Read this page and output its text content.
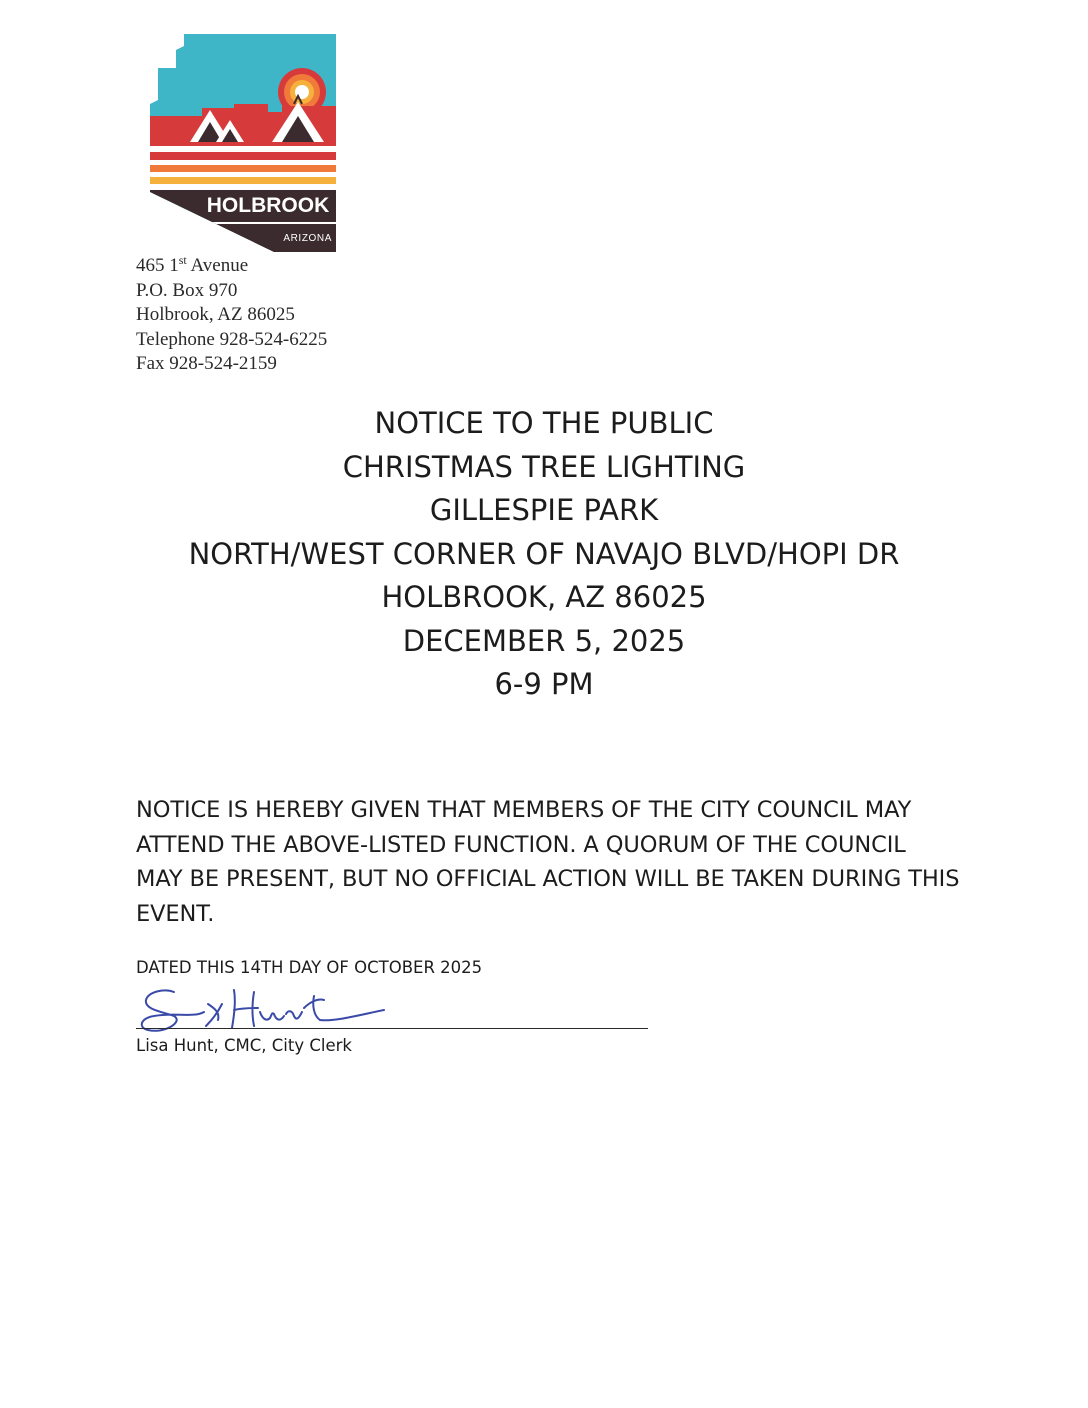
HOLBROOK
ARIZONA
465 1st Avenue
P.O. Box 970
Holbrook, AZ 86025
Telephone 928-524-6225
Fax 928-524-2159
NOTICE TO THE PUBLIC
CHRISTMAS TREE LIGHTING
GILLESPIE PARK
NORTH/WEST CORNER OF NAVAJO BLVD/HOPI DR
HOLBROOK, AZ 86025
DECEMBER 5, 2025
6-9 PM
NOTICE IS HEREBY GIVEN THAT MEMBERS OF THE CITY COUNCIL MAY
ATTEND THE ABOVE-LISTED FUNCTION. A QUORUM OF THE COUNCIL
MAY BE PRESENT, BUT NO OFFICIAL ACTION WILL BE TAKEN DURING THIS
EVENT.
DATED THIS 14TH DAY OF OCTOBER 2025
Lisa Hunt, CMC, City Clerk
